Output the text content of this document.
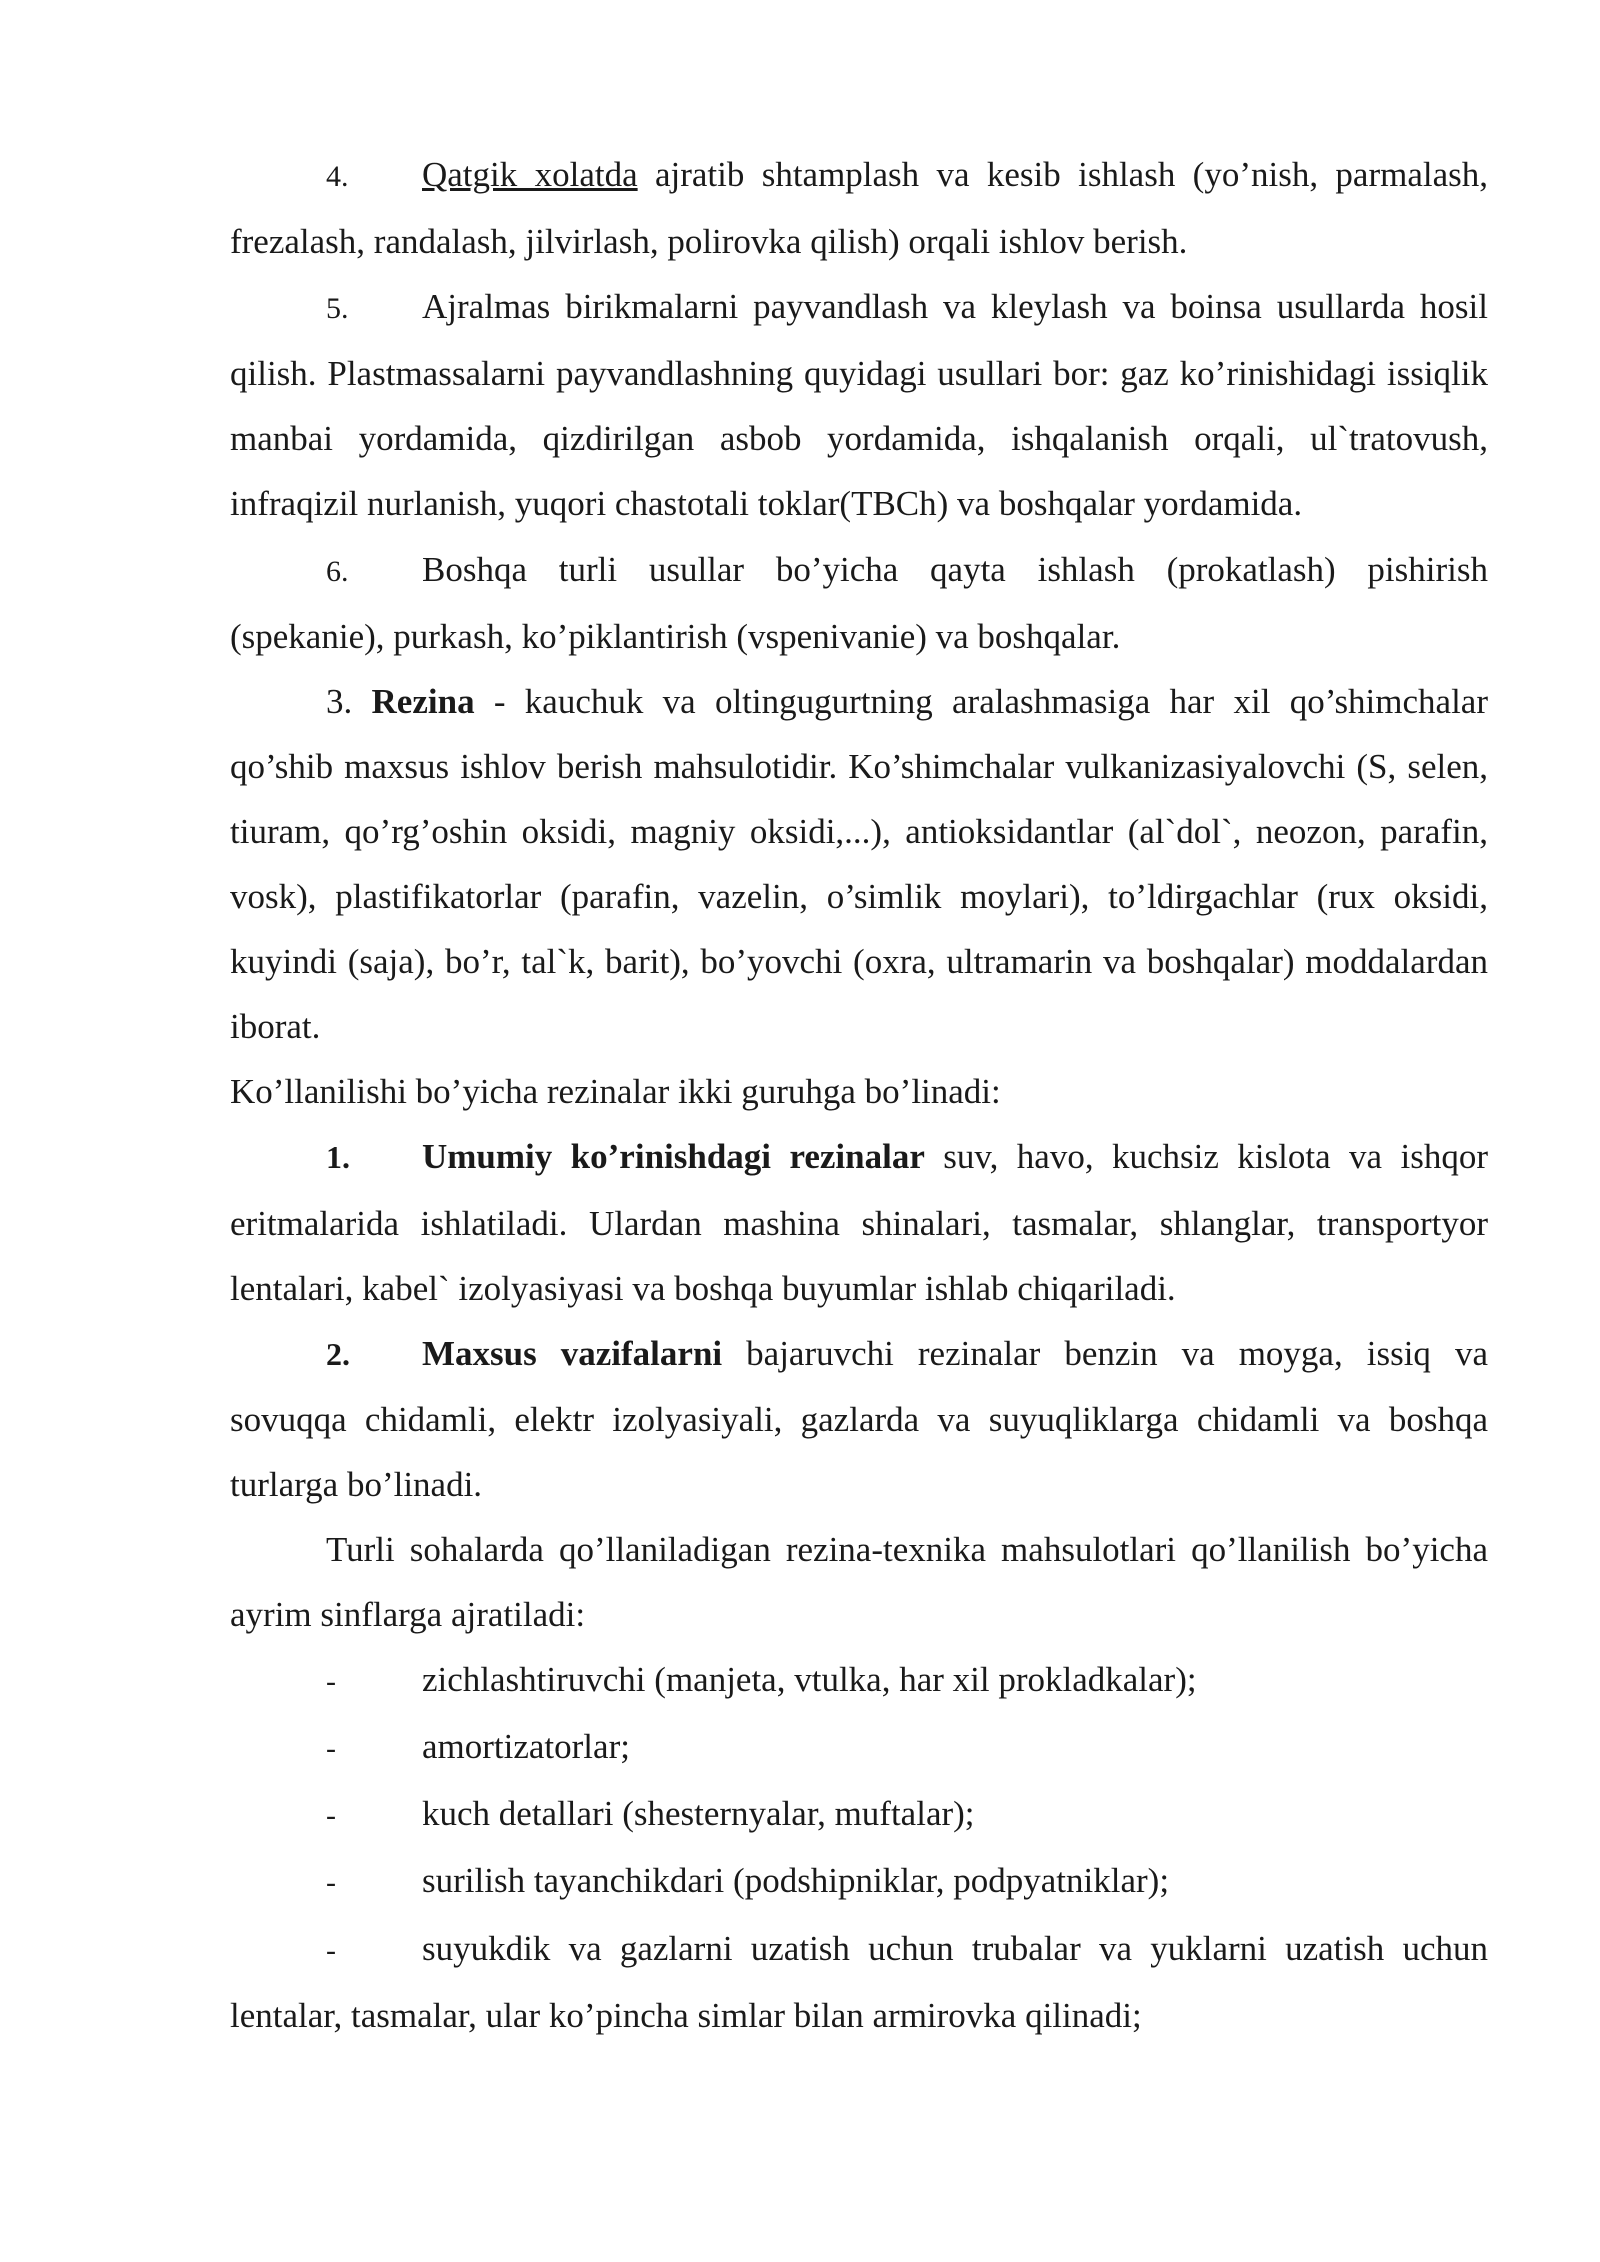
4. Qatgik xolatda ajratib shtamplash va kesib ishlash (yo’nish, parmalash, frezalash, randalash, jilvirlash, polirovka qilish) orqali ishlov berish.

5. Ajralmas birikmalarni payvandlash va kleylash va boinsa usullarda hosil qilish. Plastmassalarni payvandlashning quyidagi usullari bor: gaz ko’rinishidagi issiqlik manbai yordamida, qizdirilgan asbob yordamida, ishqalanish orqali, ul`tratovush, infraqizil nurlanish, yuqori chastotali toklar(TBCh) va boshqalar yordamida.

6. Boshqa turli usullar bo’yicha qayta ishlash (prokatlash) pishirish (spekanie), purkash, ko’piklantirish (vspenivanie) va boshqalar.

3. Rezina - kauchuk va oltingugurtning aralashmasiga har xil qo’shimchalar qo’shib maxsus ishlov berish mahsulotidir. Ko’shimchalar vulkanizasiyalovchi (S, selen, tiuram, qo’rg’oshin oksidi, magniy oksidi,...), antioksidantlar (al`dol`, neozon, parafin, vosk), plastifikatorlar (parafin, vazelin, o’simlik moylari), to’ldirgachlar (rux oksidi, kuyindi (saja), bo’r, tal`k, barit), bo’yovchi (oxra, ultramarin va boshqalar) moddalardan iborat.

Ko’llanilishi bo’yicha rezinalar ikki guruhga bo’linadi:

1. Umumiy ko’rinishdagi rezinalar suv, havo, kuchsiz kislota va ishqor eritmalarida ishlatiladi. Ulardan mashina shinalari, tasmalar, shlanglar, transportyor lentalari, kabel` izolyasiyasi va boshqa buyumlar ishlab chiqariladi.

2. Maxsus vazifalarni bajaruvchi rezinalar benzin va moyga, issiq va sovuqqa chidamli, elektr izolyasiyali, gazlarda va suyuqliklarga chidamli va boshqa turlarga bo’linadi.

Turli sohalarda qo’llaniladigan rezina-texnika mahsulotlari qo’llanilish bo’yicha ayrim sinflarga ajratiladi:

- zichlashtiruvchi (manjeta, vtulka, har xil prokladkalar);

- amortizatorlar;

- kuch detallari (shesternyalar, muftalar);

- surilish tayanchikdari (podshipniklar, podpyatniklar);

- suyukdik va gazlarni uzatish uchun trubalar va yuklarni uzatish uchun lentalar, tasmalar, ular ko’pincha simlar bilan armirovka qilinadi;
